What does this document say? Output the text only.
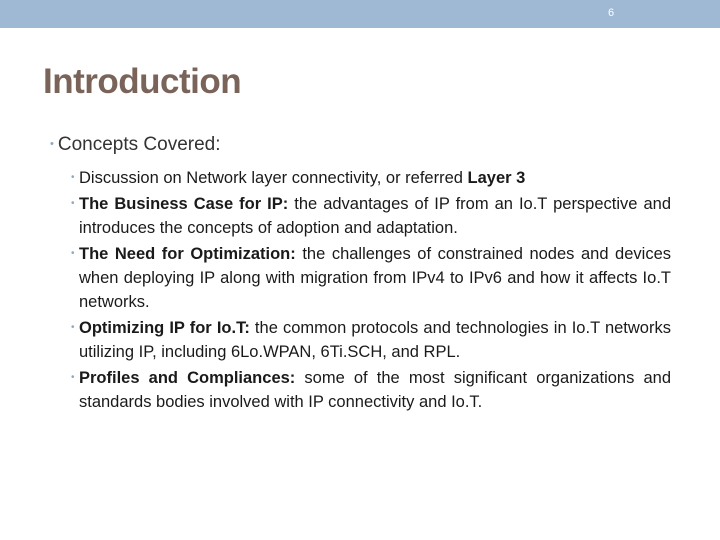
6
Introduction
• Concepts Covered:
• Discussion on Network layer connectivity, or referred Layer 3
• The Business Case for IP: the advantages of IP from an Io.T perspective and introduces the concepts of adoption and adaptation.
• The Need for Optimization: the challenges of constrained nodes and devices when deploying IP along with migration from IPv4 to IPv6 and how it affects Io.T networks.
• Optimizing IP for Io.T: the common protocols and technologies in Io.T networks utilizing IP, including 6Lo.WPAN, 6Ti.SCH, and RPL.
• Profiles and Compliances: some of the most significant organizations and standards bodies involved with IP connectivity and Io.T.
